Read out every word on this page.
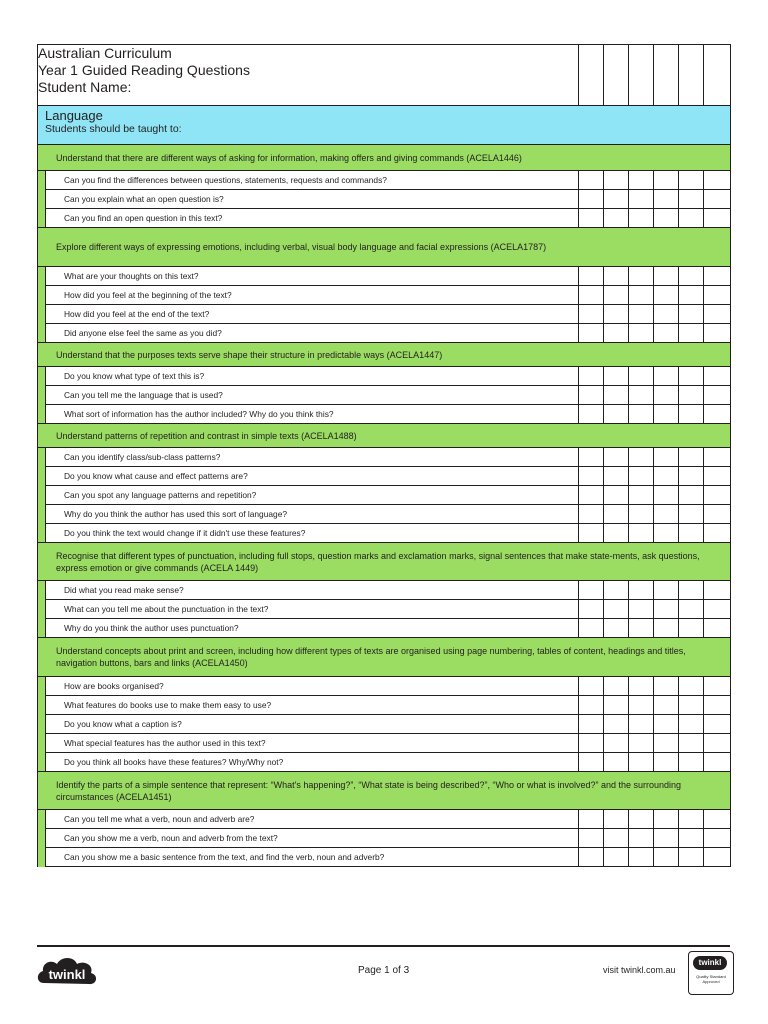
Australian Curriculum
Year 1 Guided Reading Questions
Student Name:							

Language
Students should be taught to:							

Understand that there are different ways of asking for information, making offers and giving commands (ACELA1446)							
	Can you find the differences between questions, statements, requests and commands?						
	Can you explain what an open question is?						
	Can you find an open question in this text?						
Explore different ways of expressing emotions, including verbal, visual body language and facial expressions (ACELA1787)							
	What are your thoughts on this text?						
	How did you feel at the beginning of the text?						
	How did you feel at the end of the text?						
	Did anyone else feel the same as you did?						
Understand that the purposes texts serve shape their structure in predictable ways (ACELA1447)							
	Do you know what type of text this is?						
	Can you tell me the language that is used?						
	What sort of information has the author included? Why do you think this?						
Understand patterns of repetition and contrast in simple texts (ACELA1488)							
	Can you identify class/sub-class patterns?						
	Do you know what cause and effect patterns are?						
	Can you spot any language patterns and repetition?						
	Why do you think the author has used this sort of language?						
	Do you think the text would change if it didn't use these features?						
Recognise that different types of punctuation, including full stops, question marks and exclamation marks, signal sentences that make state-ments, ask questions, express emotion or give commands (ACELA 1449)							
	Did what you read make sense?						
	What can you tell me about the punctuation in the text?						
	Why do you think the author uses punctuation?						
Understand concepts about print and screen, including how different types of texts are organised using page numbering, tables of content, headings and titles, navigation buttons, bars and links (ACELA1450)							
	How are books organised?						
	What features do books use to make them easy to use?						
	Do you know what a caption is?						
	What special features has the author used in this text?						
	Do you think all books have these features? Why/Why not?						
Identify the parts of a simple sentence that represent: “What's happening?”, “What state is being described?”, “Who or what is involved?” and the surrounding circumstances (ACELA1451)							
	Can you tell me what a verb, noun and adverb are?						
	Can you show me a verb, noun and adverb from the text?						
	Can you show me a basic sentence from the text, and find the verb, noun and adverb?						
twinkl	Page 1 of 3	visit twinkl.com.au
twinkl
Quality Standard Approved
